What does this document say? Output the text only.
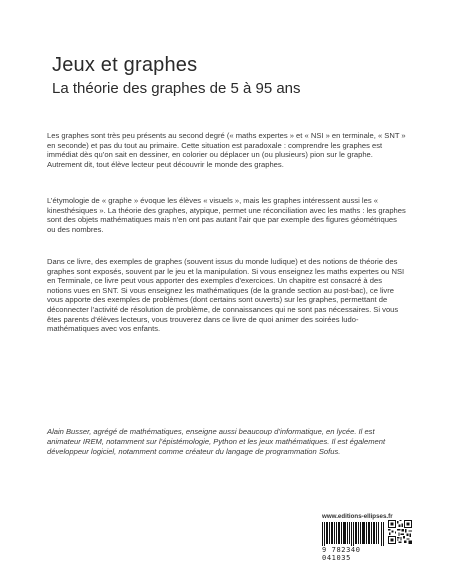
Jeux et graphes
La théorie des graphes de 5 à 95 ans

Les graphes sont très peu présents au second degré (« maths expertes » et « NSI » en terminale, « SNT » en seconde) et pas du tout au primaire. Cette situation est paradoxale : comprendre les graphes est immédiat dès qu’on sait en dessiner, en colorier ou déplacer un (ou plusieurs) pion sur le graphe. Autrement dit, tout élève lecteur peut découvrir le monde des graphes.

L’étymologie de « graphe » évoque les élèves « visuels », mais les graphes intéressent aussi les « kinesthésiques ». La théorie des graphes, atypique, permet une réconciliation avec les maths : les graphes sont des objets mathématiques mais n’en ont pas autant l’air que par exemple des figures géométriques ou des nombres.

Dans ce livre, des exemples de graphes (souvent issus du monde ludique) et des notions de théorie des graphes sont exposés, souvent par le jeu et la manipulation. Si vous enseignez les maths expertes ou NSI en Terminale, ce livre peut vous apporter des exemples d’exercices. Un chapitre est consacré à des notions vues en SNT. Si vous enseignez les mathématiques (de la grande section au post-bac), ce livre vous apporte des exemples de problèmes (dont certains sont ouverts) sur les graphes, permettant de déconnecter l’activité de résolution de problème, de connaissances qui ne sont pas nécessaires. Si vous êtes parents d’élèves lecteurs, vous trouverez dans ce livre de quoi animer des soirées ludo-mathématiques avec vos enfants.

Alain Busser, agrégé de mathématiques, enseigne aussi beaucoup d’informatique, en lycée. Il est animateur IREM, notamment sur l’épistémologie, Python et les jeux mathématiques. Il est également développeur logiciel, notamment comme créateur du langage de programmation Sofus.

www.editions-ellipses.fr
9 782340 041035
